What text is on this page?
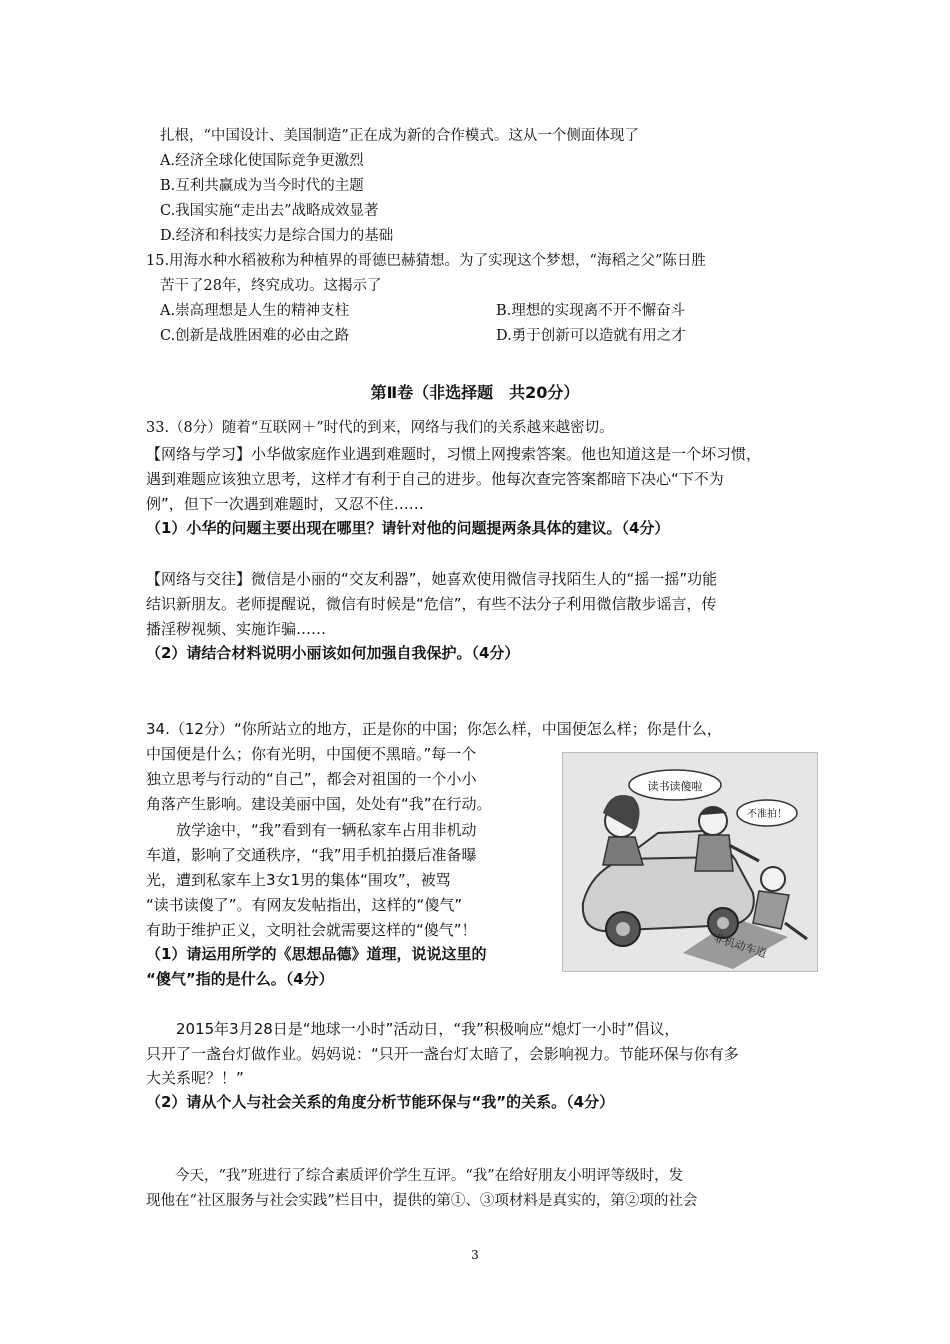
扎根，“中国设计、美国制造”正在成为新的合作模式。这从一个侧面体现了
A.经济全球化使国际竞争更激烈
B.互利共赢成为当今时代的主题
C.我国实施“走出去”战略成效显著
D.经济和科技实力是综合国力的基础
15.用海水种水稻被称为种植界的哥德巴赫猜想。为了实现这个梦想，“海稻之父”陈日胜
苦干了28年，终究成功。这揭示了
A.崇高理想是人生的精神支柱	B.理想的实现离不开不懈奋斗
C.创新是战胜困难的必由之路	D.勇于创新可以造就有用之才
第Ⅱ卷（非选择题　共20分）
33.（8分）随着“互联网＋”时代的到来，网络与我们的关系越来越密切。
【网络与学习】小华做家庭作业遇到难题时，习惯上网搜索答案。他也知道这是一个坏习惯，
遇到难题应该独立思考，这样才有利于自己的进步。他每次查完答案都暗下决心“下不为
例”，但下一次遇到难题时，又忍不住……
（1）小华的问题主要出现在哪里？请针对他的问题提两条具体的建议。（4分）
【网络与交往】微信是小丽的“交友利器”，她喜欢使用微信寻找陌生人的“摇一摇”功能
结识新朋友。老师提醒说，微信有时候是“危信”，有些不法分子利用微信散步谣言，传
播淫秽视频、实施诈骗……
（2）请结合材料说明小丽该如何加强自我保护。（4分）
34.（12分）“你所站立的地方，正是你的中国；你怎么样，中国便怎么样；你是什么，
中国便是什么；你有光明，中国便不黑暗。”每一个
独立思考与行动的“自己”，都会对祖国的一个小小
角落产生影响。建设美丽中国，处处有“我”在行动。
　　放学途中，“我”看到有一辆私家车占用非机动
车道，影响了交通秩序，“我”用手机拍摄后准备曝
光，遭到私家车上3女1男的集体“围攻”，被骂
“读书读傻了”。有网友发帖指出，这样的“傻气”
有助于维护正义，文明社会就需要这样的“傻气”！
（1）请运用所学的《思想品德》道理，说说这里的
“傻气”指的是什么。（4分）
读书读傻啦
不准拍！
非机动车道
　　2015年3月28日是“地球一小时”活动日，“我”积极响应“熄灯一小时”倡议，
只开了一盏台灯做作业。妈妈说：“只开一盏台灯太暗了，会影响视力。节能环保与你有多
大关系呢？！”
（2）请从个人与社会关系的角度分析节能环保与“我”的关系。（4分）
　　今天，“我”班进行了综合素质评价学生互评。“我”在给好朋友小明评等级时，发
现他在“社区服务与社会实践”栏目中，提供的第①、③项材料是真实的，第②项的社会
3
